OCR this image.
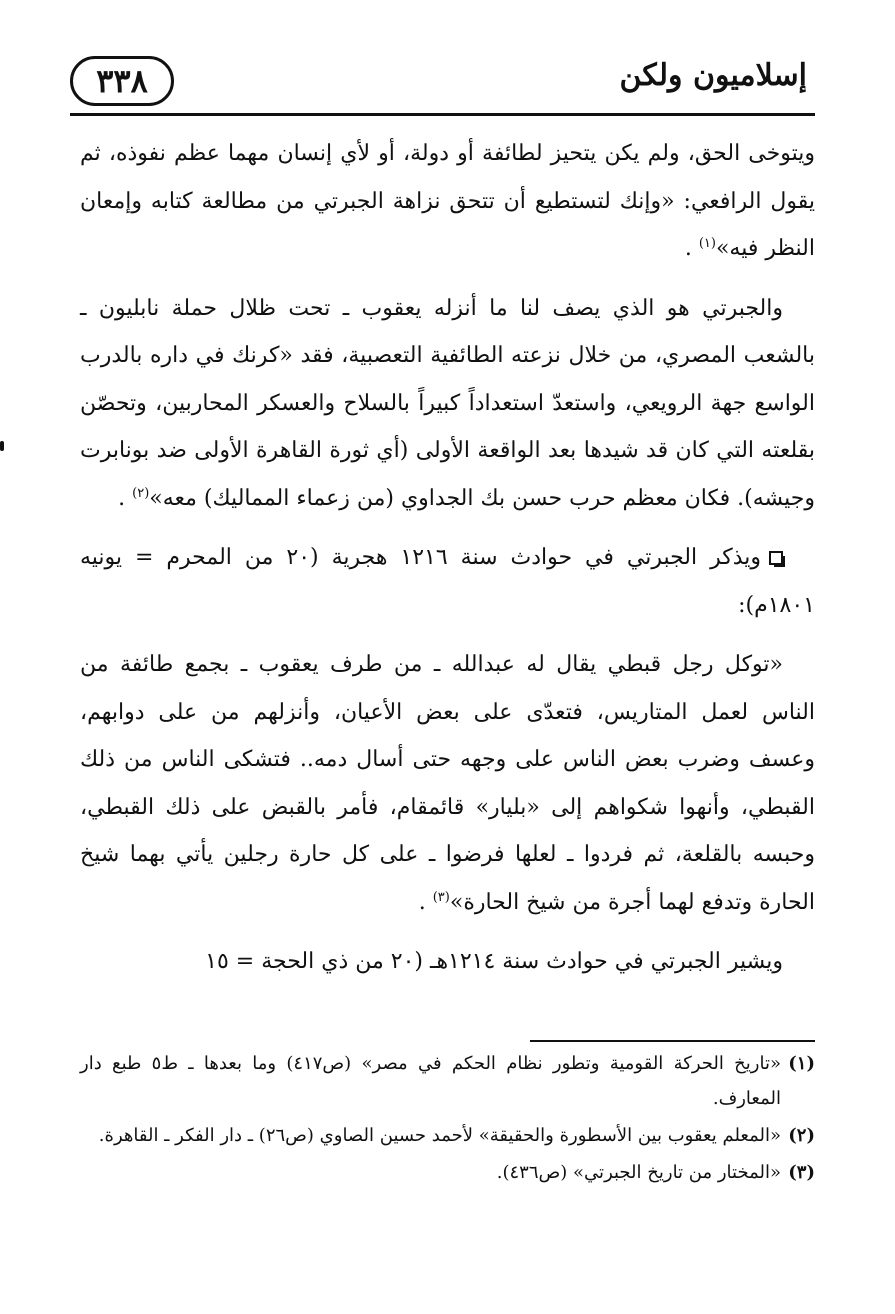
٣٣٨	إسلاميون ولكن

ويتوخى الحق، ولم يكن يتحيز لطائفة أو دولة، أو لأي إنسان مهما عظم نفوذه، ثم يقول الرافعي: «وإنك لتستطيع أن تتحق نزاهة الجبرتي من مطالعة كتابه وإمعان النظر فيه»$^{(١)}$ .

والجبرتي هو الذي يصف لنا ما أنزله يعقوب ـ تحت ظلال حملة نابليون ـ بالشعب المصري، من خلال نزعته الطائفية التعصبية، فقد «كرنك في داره بالدرب الواسع جهة الرويعي، واستعدّ استعداداً كبيراً بالسلاح والعسكر المحاربين، وتحصّن بقلعته التي كان قد شيدها بعد الواقعة الأولى (أي ثورة القاهرة الأولى ضد بونابرت وجيشه). فكان معظم حرب حسن بك الجداوي (من زعماء المماليك) معه»$^{(٢)}$ .

ويذكر الجبرتي في حوادث سنة ١٢١٦ هجرية (٢٠ من المحرم = يونيه ١٨٠١م):

«توكل رجل قبطي يقال له عبدالله ـ من طرف يعقوب ـ بجمع طائفة من الناس لعمل المتاريس، فتعدّى على بعض الأعيان، وأنزلهم من على دوابهم، وعسف وضرب بعض الناس على وجهه حتى أسال دمه.. فتشكى الناس من ذلك القبطي، وأنهوا شكواهم إلى «بليار» قائمقام، فأمر بالقبض على ذلك القبطي، وحبسه بالقلعة، ثم فردوا ـ لعلها فرضوا ـ على كل حارة رجلين يأتي بهما شيخ الحارة وتدفع لهما أجرة من شيخ الحارة»$^{(٣)}$ .

ويشير الجبرتي في حوادث سنة ١٢١٤هـ (٢٠ من ذي الحجة = ١٥

(١)
«تاريخ الحركة القومية وتطور نظام الحكم في مصر» (ص٤١٧) وما بعدها ـ ط٥ طبع دار المعارف.

(٢)
«المعلم يعقوب بين الأسطورة والحقيقة» لأحمد حسين الصاوي (ص٢٦) ـ دار الفكر ـ القاهرة.

(٣)
«المختار من تاريخ الجبرتي» (ص٤٣٦).
